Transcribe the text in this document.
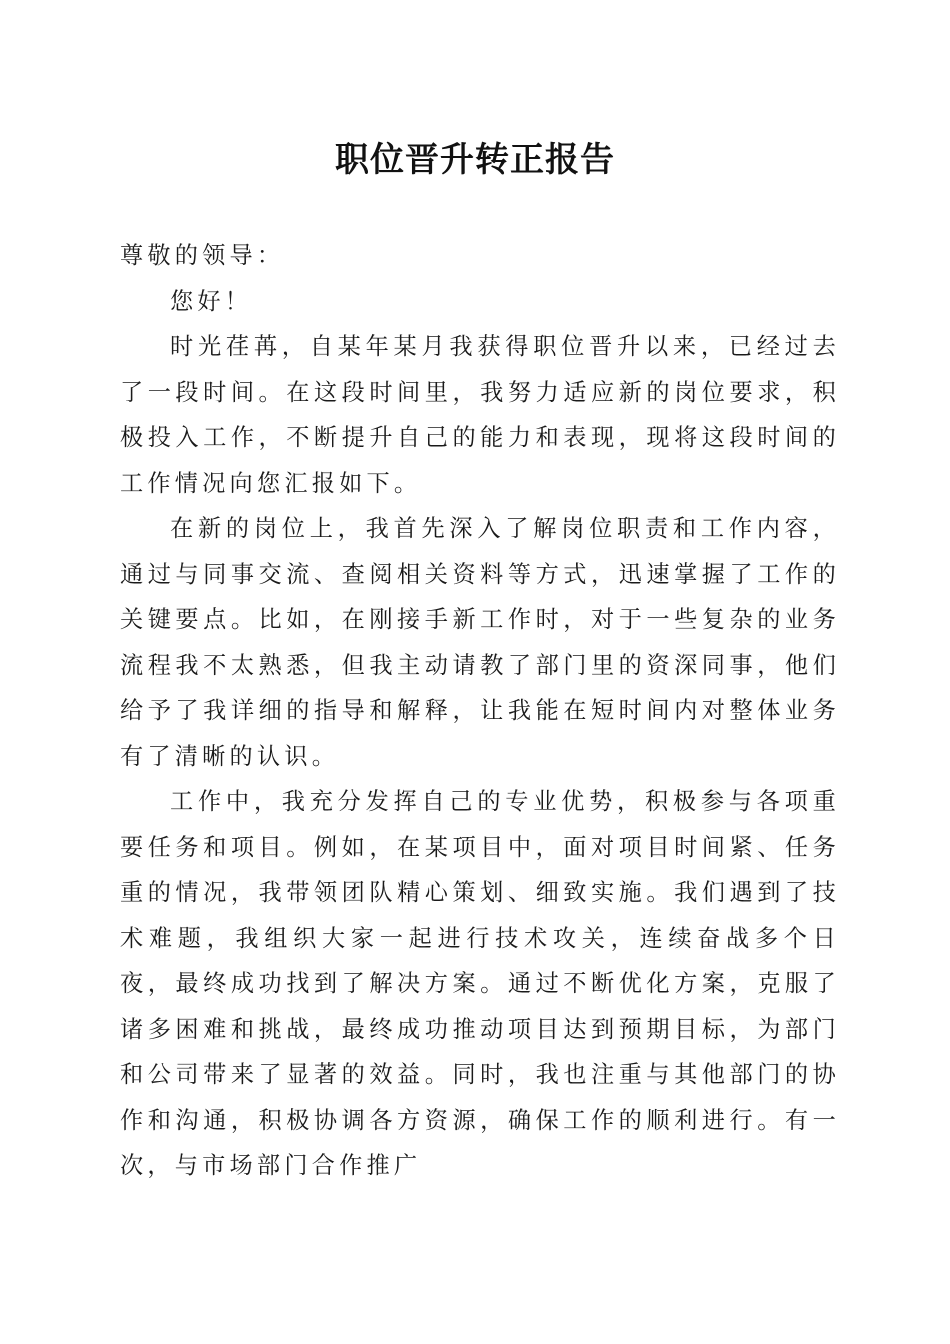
职位晋升转正报告

尊敬的领导：

您好！

时光荏苒，自某年某月我获得职位晋升以来，已经过去了一段时间。在这段时间里，我努力适应新的岗位要求，积极投入工作，不断提升自己的能力和表现，现将这段时间的工作情况向您汇报如下。

在新的岗位上，我首先深入了解岗位职责和工作内容，通过与同事交流、查阅相关资料等方式，迅速掌握了工作的关键要点。比如，在刚接手新工作时，对于一些复杂的业务流程我不太熟悉，但我主动请教了部门里的资深同事，他们给予了我详细的指导和解释，让我能在短时间内对整体业务有了清晰的认识。

工作中，我充分发挥自己的专业优势，积极参与各项重要任务和项目。例如，在某项目中，面对项目时间紧、任务重的情况，我带领团队精心策划、细致实施。我们遇到了技术难题，我组织大家一起进行技术攻关，连续奋战多个日夜，最终成功找到了解决方案。通过不断优化方案，克服了诸多困难和挑战，最终成功推动项目达到预期目标，为部门和公司带来了显著的效益。同时，我也注重与其他部门的协作和沟通，积极协调各方资源，确保工作的顺利进行。有一次，与市场部门合作推广
